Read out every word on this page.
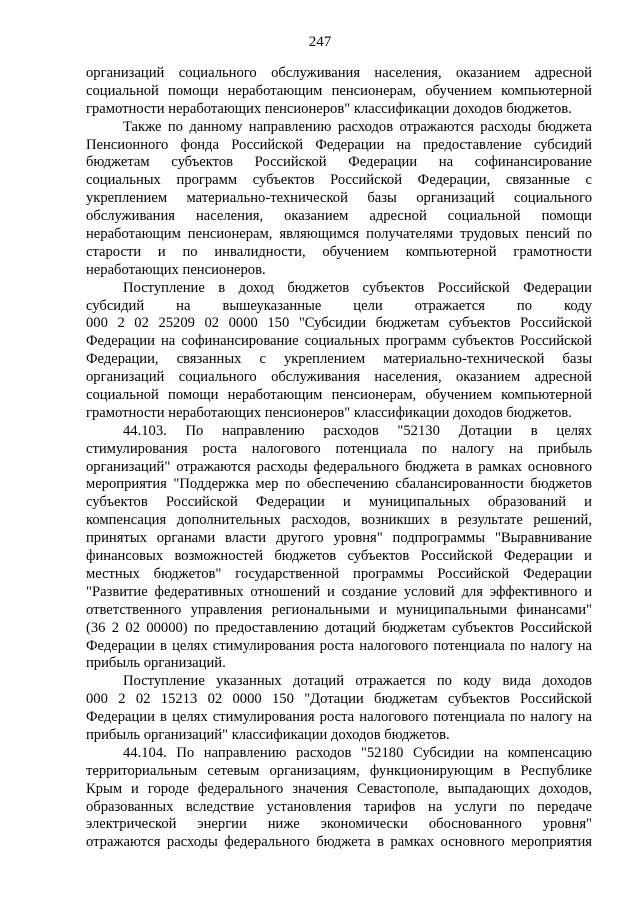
247
организаций социального обслуживания населения, оказанием адресной
социальной помощи неработающим пенсионерам, обучением компьютерной
грамотности неработающих пенсионеров" классификации доходов бюджетов.
Также по данному направлению расходов отражаются расходы бюджета
Пенсионного фонда Российской Федерации на предоставление субсидий
бюджетам субъектов Российской Федерации на софинансирование
социальных программ субъектов Российской Федерации, связанные с
укреплением материально-технической базы организаций социального
обслуживания населения, оказанием адресной социальной помощи
неработающим пенсионерам, являющимся получателями трудовых пенсий по
старости и по инвалидности, обучением компьютерной грамотности
неработающих пенсионеров.
Поступление в доход бюджетов субъектов Российской Федерации
субсидий на вышеуказанные цели отражается по коду
000 2 02 25209 02 0000 150 "Субсидии бюджетам субъектов Российской
Федерации на софинансирование социальных программ субъектов Российской
Федерации, связанных с укреплением материально-технической базы
организаций социального обслуживания населения, оказанием адресной
социальной помощи неработающим пенсионерам, обучением компьютерной
грамотности неработающих пенсионеров" классификации доходов бюджетов.
44.103. По направлению расходов "52130 Дотации в целях
стимулирования роста налогового потенциала по налогу на прибыль
организаций" отражаются расходы федерального бюджета в рамках основного
мероприятия "Поддержка мер по обеспечению сбалансированности бюджетов
субъектов Российской Федерации и муниципальных образований и
компенсация дополнительных расходов, возникших в результате решений,
принятых органами власти другого уровня" подпрограммы "Выравнивание
финансовых возможностей бюджетов субъектов Российской Федерации и
местных бюджетов" государственной программы Российской Федерации
"Развитие федеративных отношений и создание условий для эффективного и
ответственного управления региональными и муниципальными финансами"
(36 2 02 00000) по предоставлению дотаций бюджетам субъектов Российской
Федерации в целях стимулирования роста налогового потенциала по налогу на
прибыль организаций.
Поступление указанных дотаций отражается по коду вида доходов
000 2 02 15213 02 0000 150 "Дотации бюджетам субъектов Российской
Федерации в целях стимулирования роста налогового потенциала по налогу на
прибыль организаций" классификации доходов бюджетов.
44.104. По направлению расходов "52180 Субсидии на компенсацию
территориальным сетевым организациям, функционирующим в Республике
Крым и городе федерального значения Севастополе, выпадающих доходов,
образованных вследствие установления тарифов на услуги по передаче
электрической энергии ниже экономически обоснованного уровня"
отражаются расходы федерального бюджета в рамках основного мероприятия
